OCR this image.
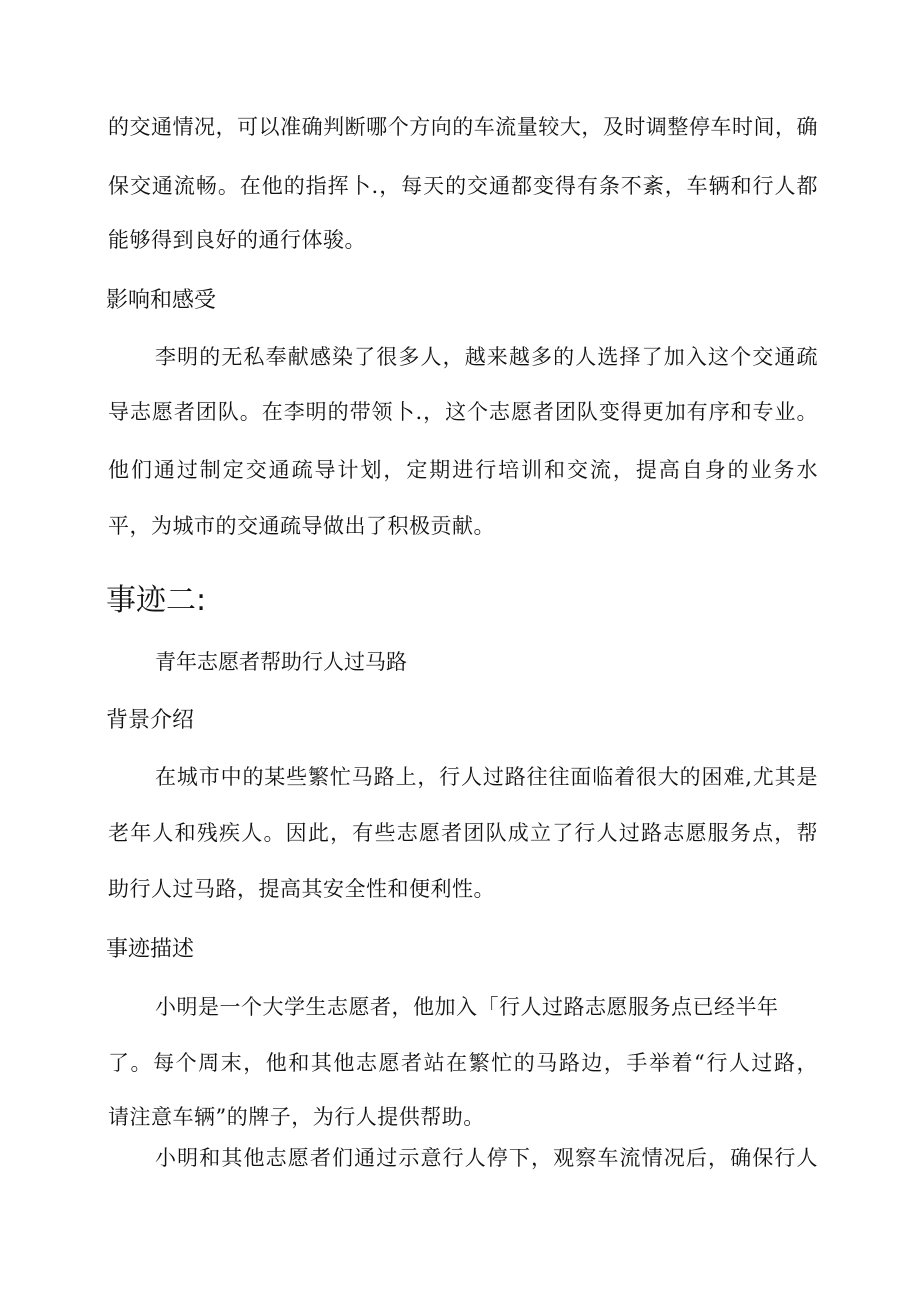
的交通情况，可以准确判断哪个方向的车流量较大，及时调整停车时间，确
保交通流畅。在他的指挥卜.，每天的交通都变得有条不紊，车辆和行人都
能够得到良好的通行体骏。
影响和感受
李明的无私奉献感染了很多人，越来越多的人选择了加入这个交通疏
导志愿者团队。在李明的带领卜.，这个志愿者团队变得更加有序和专业。
他们通过制定交通疏导计划，定期进行培训和交流，提高自身的业务水
平，为城市的交通疏导做出了积极贡献。
事迹二:
青年志愿者帮助行人过马路
背景介绍
在城市中的某些繁忙马路上，行人过路往往面临着很大的困难,尤其是
老年人和残疾人。因此，有些志愿者团队成立了行人过路志愿服务点，帮
助行人过马路，提高其安全性和便利性。
事迹描述
小明是一个大学生志愿者，他加入「行人过路志愿服务点已经半年
了。每个周末，他和其他志愿者站在繁忙的马路边，手举着“行人过路，
请注意车辆”的牌子，为行人提供帮助。
小明和其他志愿者们通过示意行人停下，观察车流情况后，确保行人
